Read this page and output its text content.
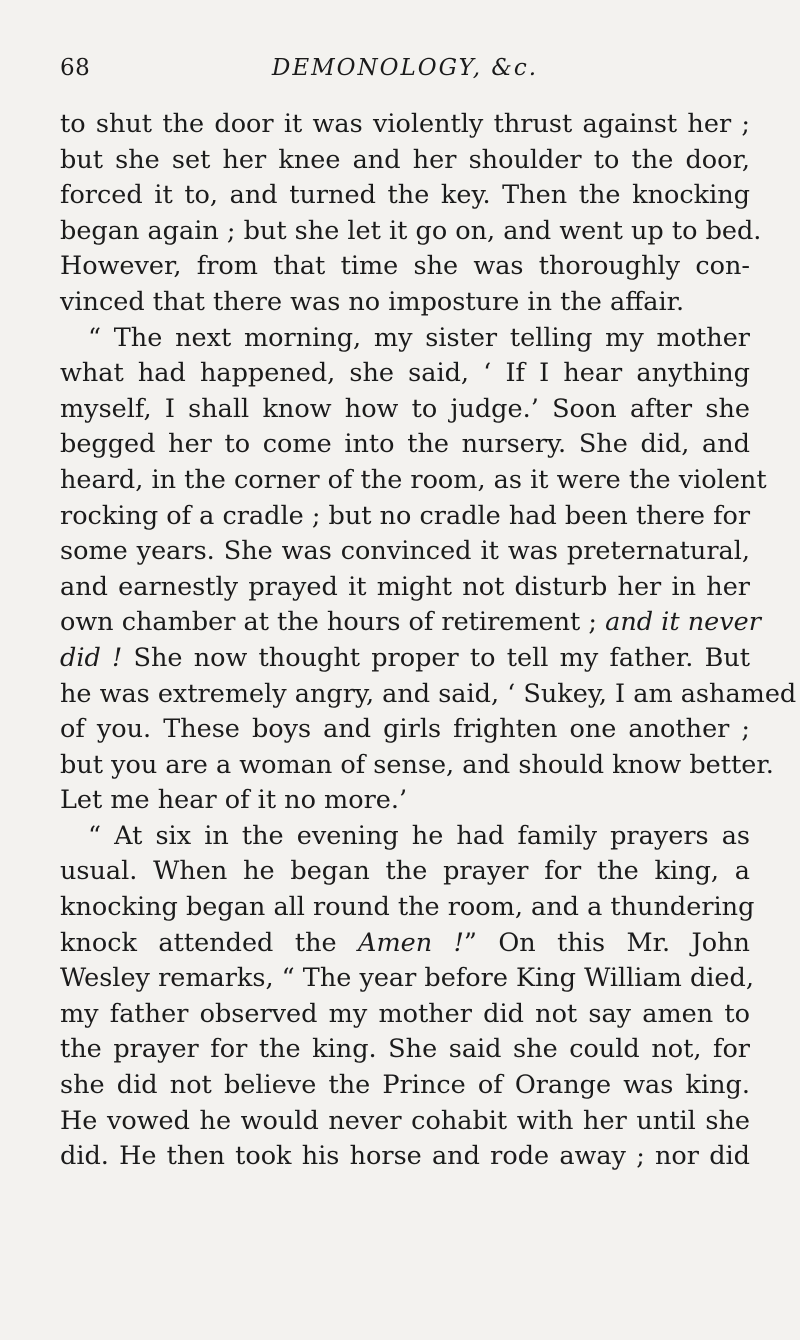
68	DEMONOLOGY, &c.
to shut the door it was violently thrust against her ;
but she set her knee and her shoulder to the door,
forced it to, and turned the key. Then the knocking
began again ; but she let it go on, and went up to bed.
However, from that time she was thoroughly con-
vinced that there was no imposture in the affair.
“ The next morning, my sister telling my mother
what had happened, she said, ‘ If I hear anything
myself, I shall know how to judge.’ Soon after she
begged her to come into the nursery. She did, and
heard, in the corner of the room, as it were the violent
rocking of a cradle ; but no cradle had been there for
some years. She was convinced it was preternatural,
and earnestly prayed it might not disturb her in her
own chamber at the hours of retirement ; and it never
did ! She now thought proper to tell my father. But
he was extremely angry, and said, ‘ Sukey, I am ashamed
of you. These boys and girls frighten one another ;
but you are a woman of sense, and should know better.
Let me hear of it no more.’
“ At six in the evening he had family prayers as
usual. When he began the prayer for the king, a
knocking began all round the room, and a thundering
knock attended the Amen !” On this Mr. John
Wesley remarks, “ The year before King William died,
my father observed my mother did not say amen to
the prayer for the king. She said she could not, for
she did not believe the Prince of Orange was king.
He vowed he would never cohabit with her until she
did. He then took his horse and rode away ; nor did
